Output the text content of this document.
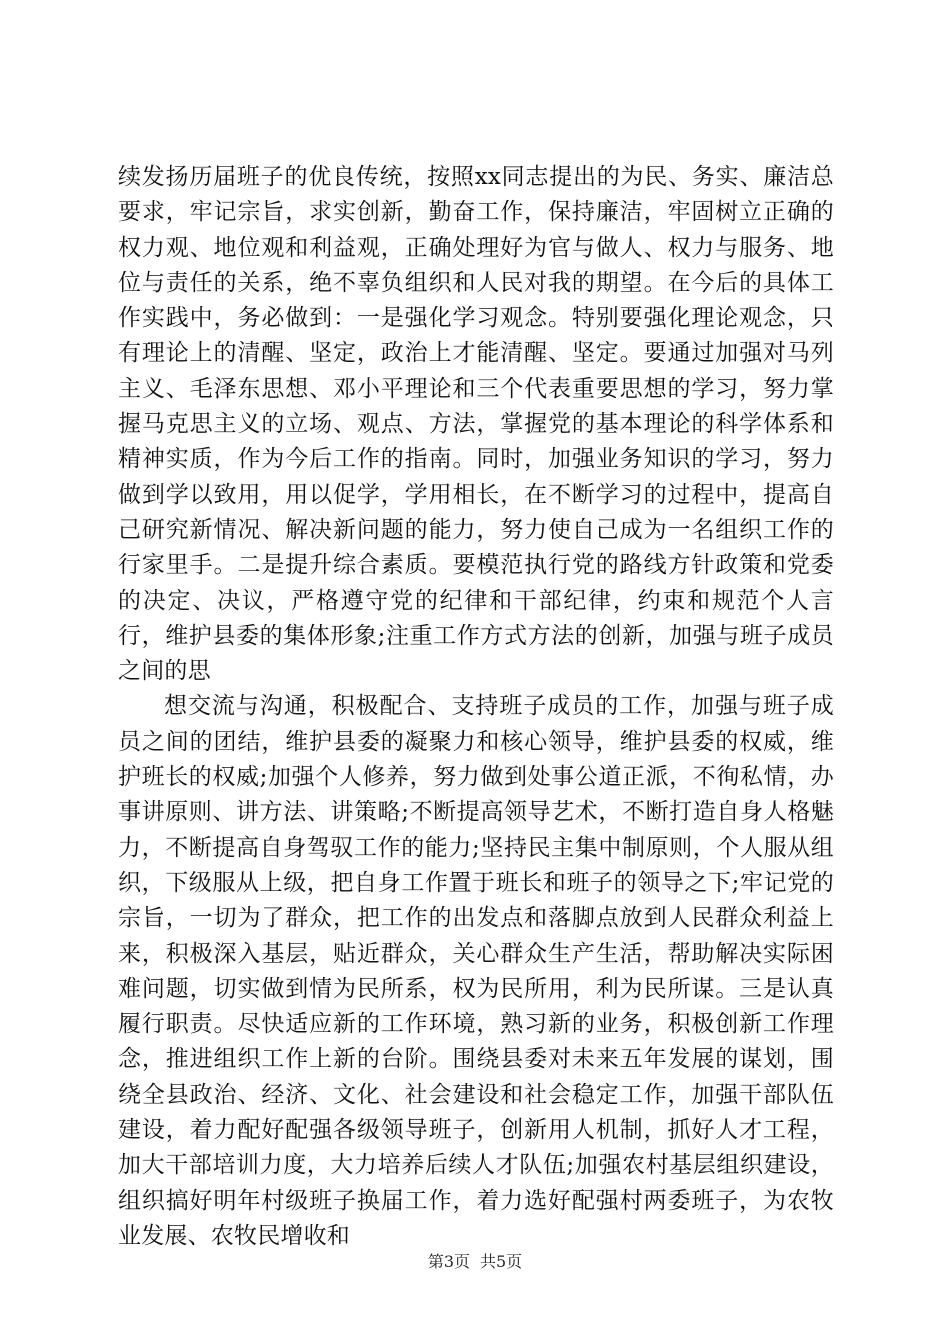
续发扬历届班子的优良传统，按照xx同志提出的为民、务实、廉洁总要求，牢记宗旨，求实创新，勤奋工作，保持廉洁，牢固树立正确的权力观、地位观和利益观，正确处理好为官与做人、权力与服务、地位与责任的关系，绝不辜负组织和人民对我的期望。在今后的具体工作实践中，务必做到：一是强化学习观念。特别要强化理论观念，只有理论上的清醒、坚定，政治上才能清醒、坚定。要通过加强对马列主义、毛泽东思想、邓小平理论和三个代表重要思想的学习，努力掌握马克思主义的立场、观点、方法，掌握党的基本理论的科学体系和精神实质，作为今后工作的指南。同时，加强业务知识的学习，努力做到学以致用，用以促学，学用相长，在不断学习的过程中，提高自己研究新情况、解决新问题的能力，努力使自己成为一名组织工作的行家里手。二是提升综合素质。要模范执行党的路线方针政策和党委的决定、决议，严格遵守党的纪律和干部纪律，约束和规范个人言行，维护县委的集体形象;注重工作方式方法的创新，加强与班子成员之间的思

想交流与沟通，积极配合、支持班子成员的工作，加强与班子成员之间的团结，维护县委的凝聚力和核心领导，维护县委的权威，维护班长的权威;加强个人修养，努力做到处事公道正派，不徇私情，办事讲原则、讲方法、讲策略;不断提高领导艺术，不断打造自身人格魅力，不断提高自身驾驭工作的能力;坚持民主集中制原则，个人服从组织，下级服从上级，把自身工作置于班长和班子的领导之下;牢记党的宗旨，一切为了群众，把工作的出发点和落脚点放到人民群众利益上来，积极深入基层，贴近群众，关心群众生产生活，帮助解决实际困难问题，切实做到情为民所系，权为民所用，利为民所谋。三是认真履行职责。尽快适应新的工作环境，熟习新的业务，积极创新工作理念，推进组织工作上新的台阶。围绕县委对未来五年发展的谋划，围绕全县政治、经济、文化、社会建设和社会稳定工作，加强干部队伍建设，着力配好配强各级领导班子，创新用人机制，抓好人才工程，加大干部培训力度，大力培养后续人才队伍;加强农村基层组织建设，组织搞好明年村级班子换届工作，着力选好配强村两委班子，为农牧业发展、农牧民增收和

第3页 共5页
